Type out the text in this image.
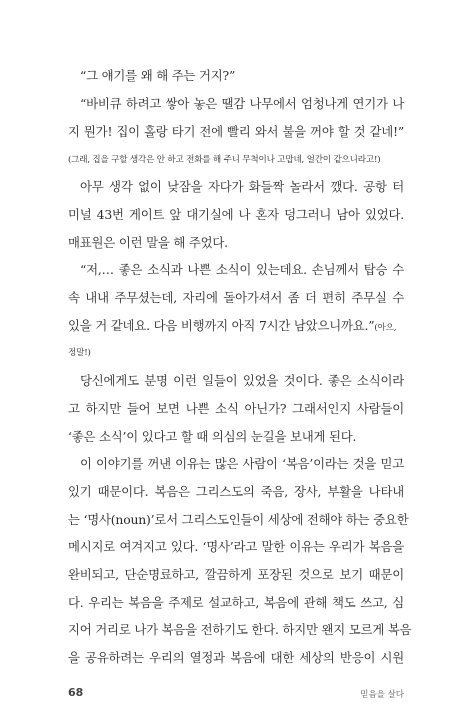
“그 얘기를 왜 해 주는 거지?”
“바비큐 하려고 쌓아 놓은 땔감 나무에서 엄청나게 연기가 나
지 뭔가! 집이 홀랑 타기 전에 빨리 와서 불을 꺼야 할 것 같네!”
(그래, 집을 구할 생각은 안 하고 전화를 해 주니 무척이나 고맙네, 얼간이 같으니라고!)
아무 생각 없이 낮잠을 자다가 화들짝 놀라서 깼다. 공항 터
미널 43번 게이트 앞 대기실에 나 혼자 덩그러니 남아 있었다.
매표원은 이런 말을 해 주었다.
“저,… 좋은 소식과 나쁜 소식이 있는데요. 손님께서 탑승 수
속 내내 주무셨는데, 자리에 돌아가셔서 좀 더 편히 주무실 수
있을 거 같네요. 다음 비행까지 아직 7시간 남았으니까요.”(아으,
정말!)
당신에게도 분명 이런 일들이 있었을 것이다. 좋은 소식이라
고 하지만 들어 보면 나쁜 소식 아닌가? 그래서인지 사람들이
‘좋은 소식’이 있다고 할 때 의심의 눈길을 보내게 된다.
이 이야기를 꺼낸 이유는 많은 사람이 ‘복음’이라는 것을 믿고
있기 때문이다. 복음은 그리스도의 죽음, 장사, 부활을 나타내
는 ‘명사(noun)’로서 그리스도인들이 세상에 전해야 하는 중요한
메시지로 여겨지고 있다. ‘명사’라고 말한 이유는 우리가 복음을
완비되고, 단순명료하고, 깔끔하게 포장된 것으로 보기 때문이
다. 우리는 복음을 주제로 설교하고, 복음에 관해 책도 쓰고, 심
지어 거리로 나가 복음을 전하기도 한다. 하지만 왠지 모르게 복음
을 공유하려는 우리의 열정과 복음에 대한 세상의 반응이 시원
68	믿음을 살다
